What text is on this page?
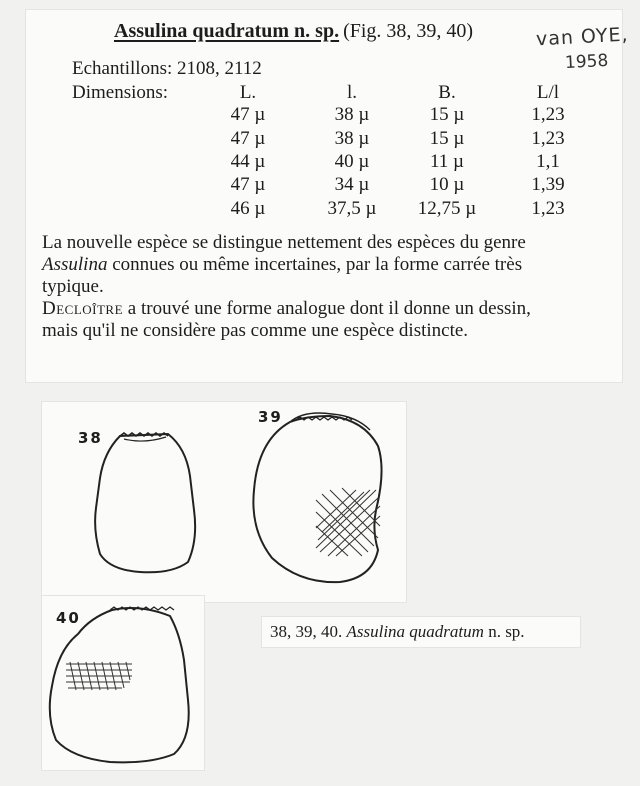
Assulina quadratum n. sp. (Fig. 38, 39, 40)	van OYE,
1958
Echantillons: 2108, 2112
Dimensions:	L.	l.	B.	L/l
47 µ	38 µ	15 µ	1,23
47 µ	38 µ	15 µ	1,23
44 µ	40 µ	11 µ	1,1
47 µ	34 µ	10 µ	1,39
46 µ	37,5 µ	12,75 µ	1,23
La nouvelle espèce se distingue nettement des espèces du genre
Assulina connues ou même incertaines, par la forme carrée très
typique.
Decloître a trouvé une forme analogue dont il donne un dessin,
mais qu'il ne considère pas comme une espèce distincte.
38
39
40
38, 39, 40. Assulina quadratum n. sp.
